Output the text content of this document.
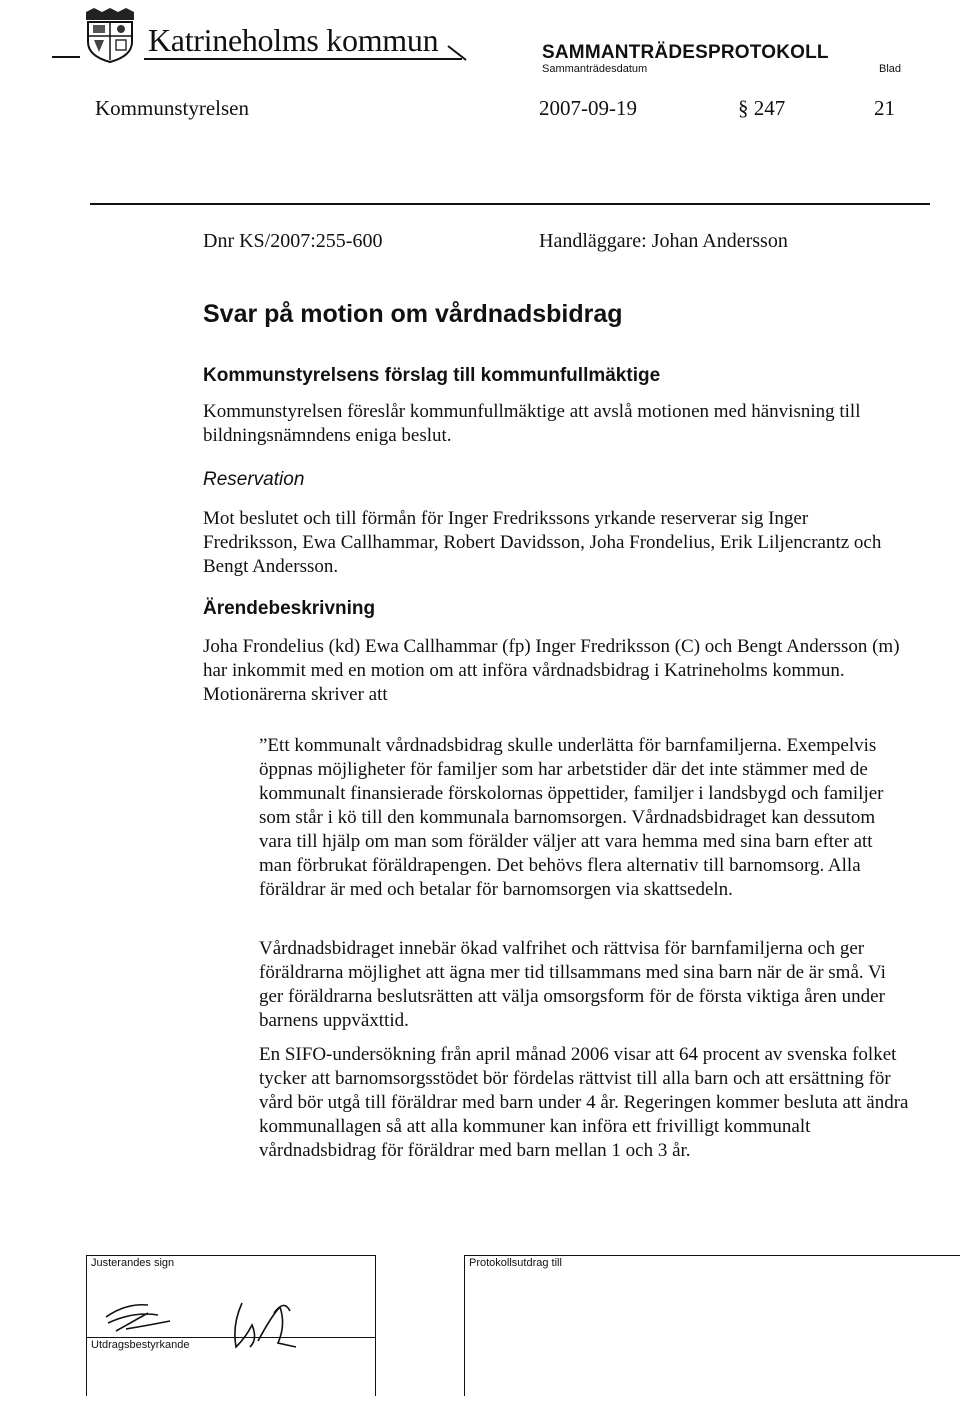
Katrineholms kommun	SAMMANTRÄDESPROTOKOLL
Sammanträdesdatum	Blad
Kommunstyrelsen	2007-09-19	§ 247	21
Dnr KS/2007:255-600	Handläggare: Johan Andersson
Svar på motion om vårdnadsbidrag
Kommunstyrelsens förslag till kommunfullmäktige
Kommunstyrelsen föreslår kommunfullmäktige att avslå motionen med hänvisning till bildningsnämndens eniga beslut.
Reservation
Mot beslutet och till förmån för Inger Fredrikssons yrkande reserverar sig Inger Fredriksson, Ewa Callhammar, Robert Davidsson, Joha Frondelius, Erik Liljencrantz och Bengt Andersson.
Ärendebeskrivning
Joha Frondelius (kd) Ewa Callhammar (fp) Inger Fredriksson (C) och Bengt Andersson (m) har inkommit med en motion om att införa vårdnadsbidrag i Katrineholms kommun. Motionärerna skriver att
”Ett kommunalt vårdnadsbidrag skulle underlätta för barnfamiljerna. Exempelvis öppnas möjligheter för familjer som har arbetstider där det inte stämmer med de kommunalt finansierade förskolornas öppettider, familjer i landsbygd och familjer som står i kö till den kommunala barnomsorgen. Vårdnadsbidraget kan dessutom vara till hjälp om man som förälder väljer att vara hemma med sina barn efter att man förbrukat föräldrapengen. Det behövs flera alternativ till barnomsorg. Alla föräldrar är med och betalar för barnomsorgen via skattsedeln.
Vårdnadsbidraget innebär ökad valfrihet och rättvisa för barnfamiljerna och ger föräldrarna möjlighet att ägna mer tid tillsammans med sina barn när de är små. Vi ger föräldrarna beslutsrätten att välja omsorgsform för de första viktiga åren under barnens uppväxttid.
En SIFO-undersökning från april månad 2006 visar att 64 procent av svenska folket tycker att barnomsorgsstödet bör fördelas rättvist till alla barn och att ersättning för vård bör utgå till föräldrar med barn under 4 år. Regeringen kommer besluta att ändra kommunallagen så att alla kommuner kan införa ett frivilligt kommunalt vårdnadsbidrag för föräldrar med barn mellan 1 och 3 år.
Justerandes sign
Utdragsbestyrkande
Protokollsutdrag till
